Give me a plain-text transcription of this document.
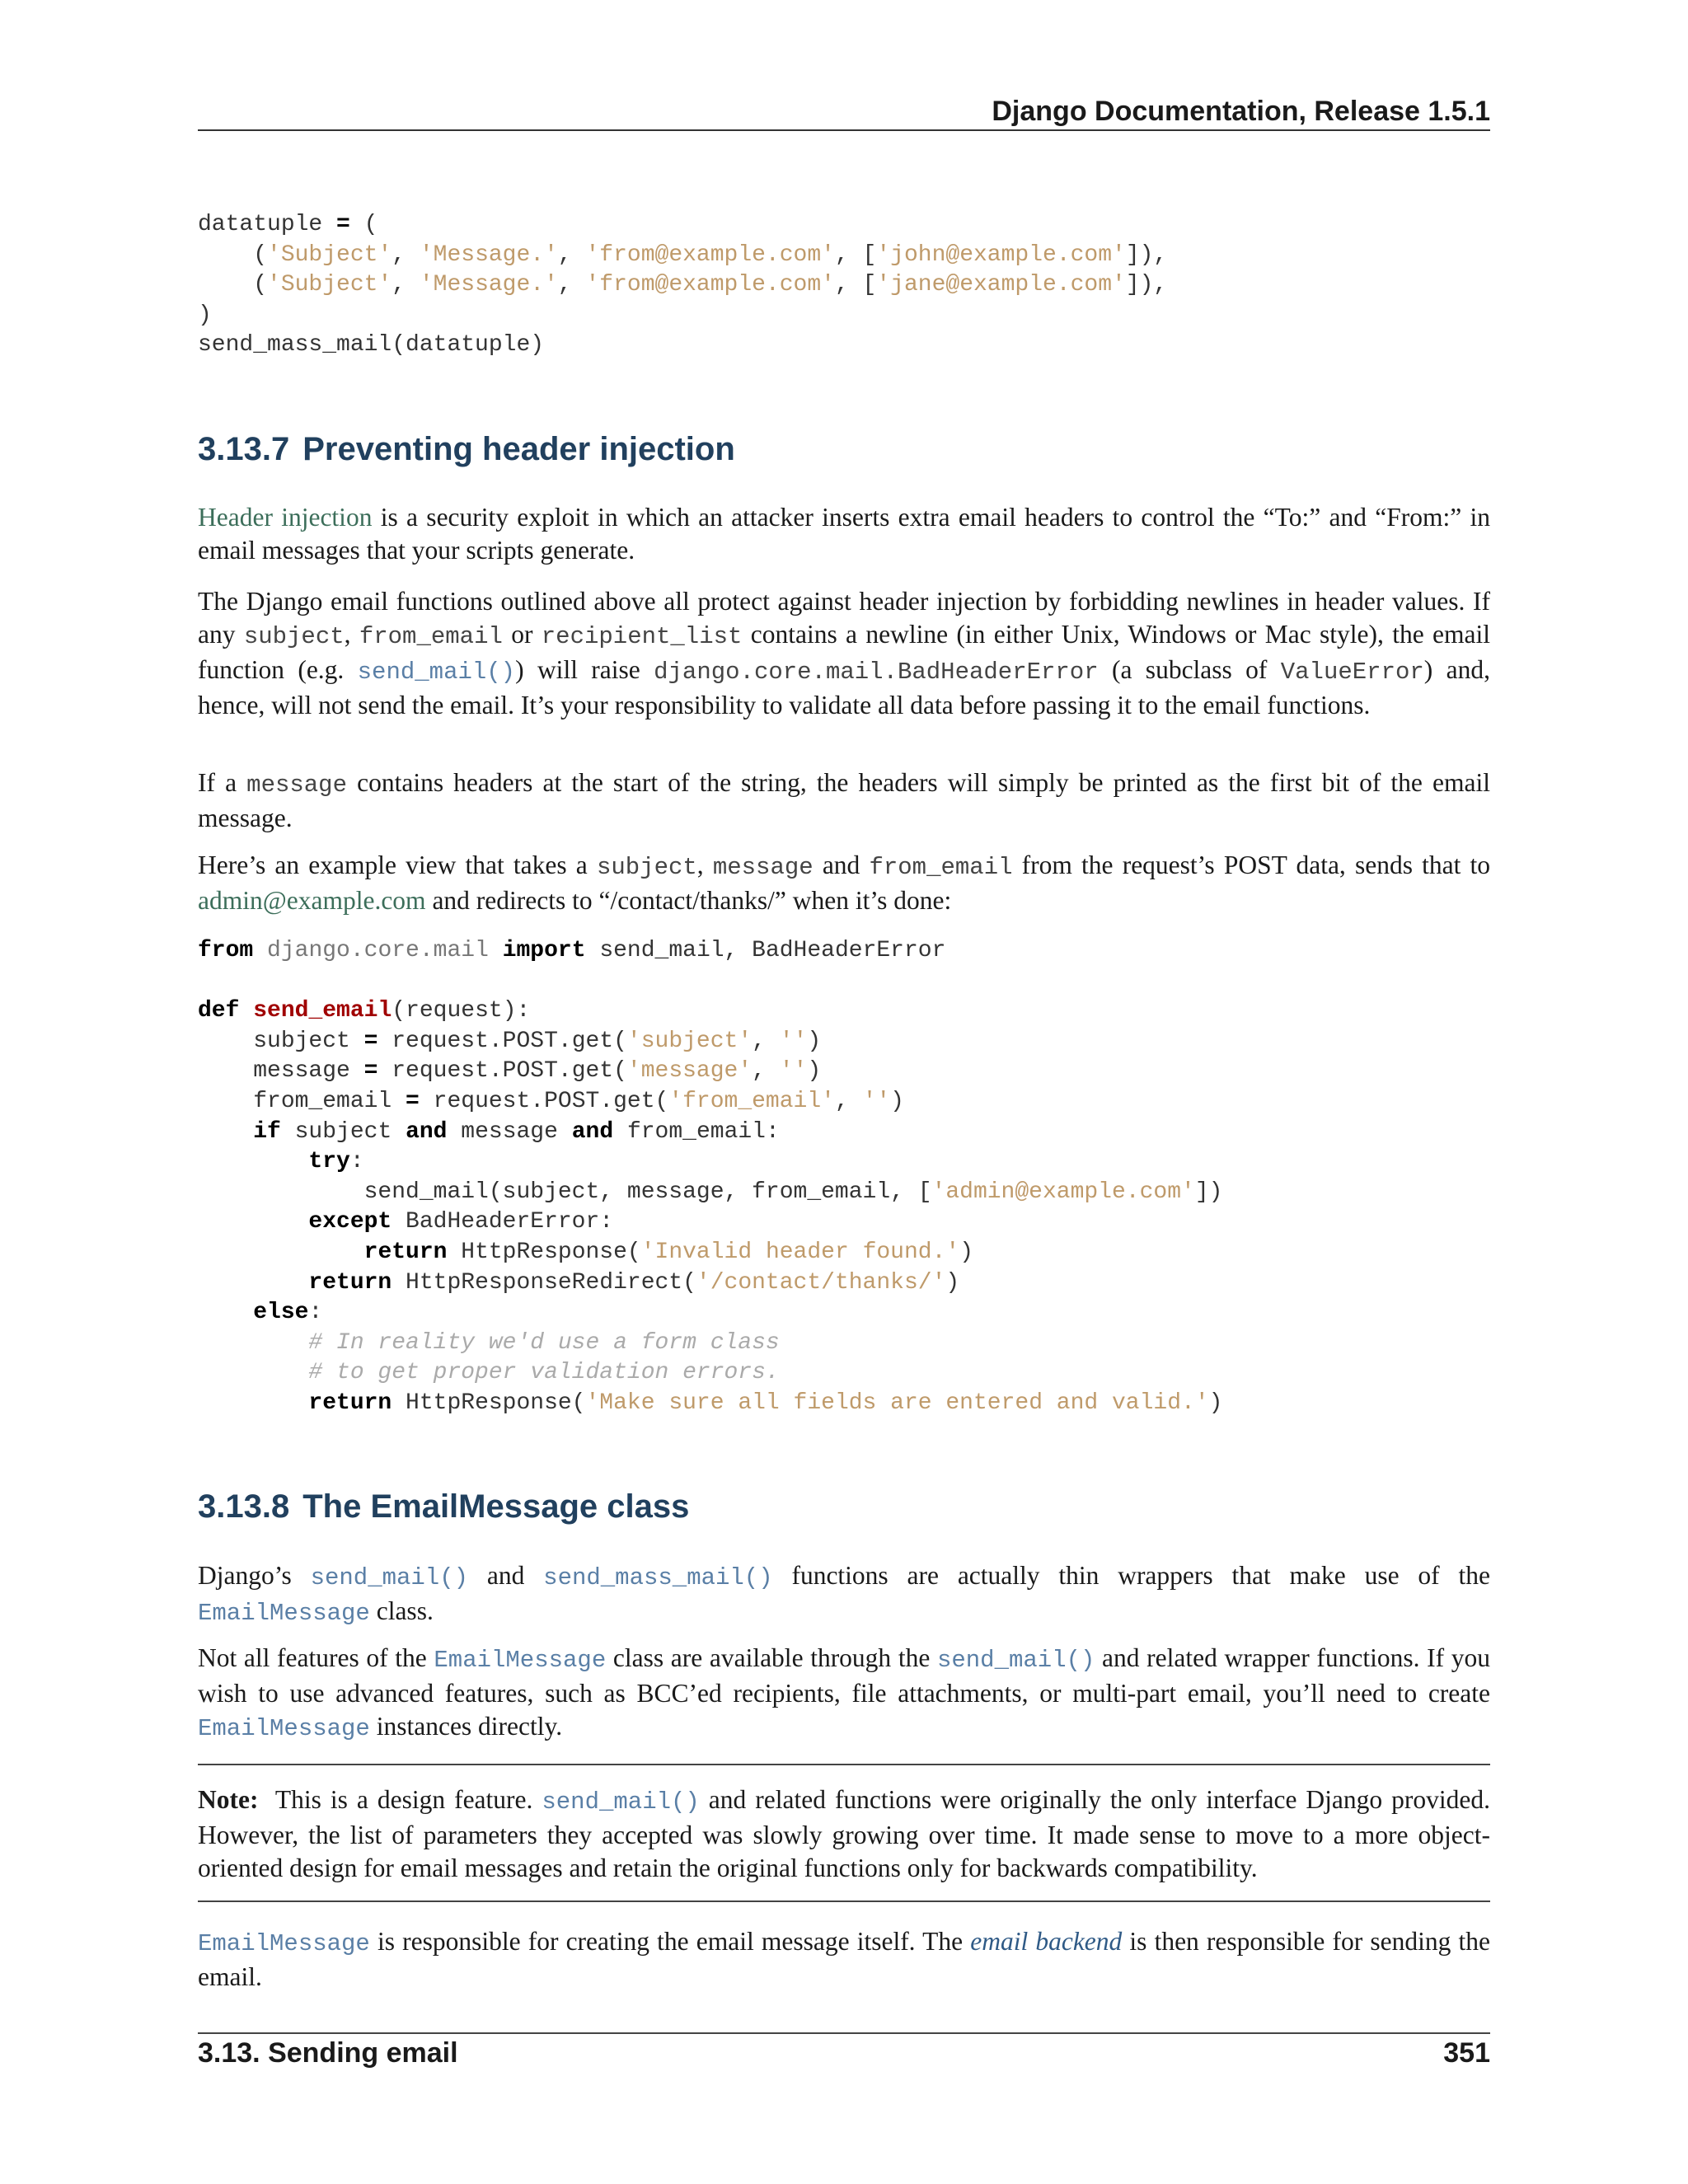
Django Documentation, Release 1.5.1
datatuple = (
('Subject', 'Message.', 'from@example.com', ['john@example.com']),
('Subject', 'Message.', 'from@example.com', ['jane@example.com']),
)
send_mass_mail(datatuple)
3.13.7 Preventing header injection

Header injection is a security exploit in which an attacker inserts extra email headers to control the “To:” and “From:” in email messages that your scripts generate.

The Django email functions outlined above all protect against header injection by forbidding newlines in header values. If any subject, from_email or recipient_list contains a newline (in either Unix, Windows or Mac style), the email function (e.g. send_mail()) will raise django.core.mail.BadHeaderError (a subclass of ValueError) and, hence, will not send the email. It’s your responsibility to validate all data before passing it to the email functions.

If a message contains headers at the start of the string, the headers will simply be printed as the first bit of the email message.

Here’s an example view that takes a subject, message and from_email from the request’s POST data, sends that to admin@example.com and redirects to “/contact/thanks/” when it’s done:

from django.core.mail import send_mail, BadHeaderError

def send_email(request):
subject = request.POST.get('subject', '')
message = request.POST.get('message', '')
from_email = request.POST.get('from_email', '')
if subject and message and from_email:
try:
send_mail(subject, message, from_email, ['admin@example.com'])
except BadHeaderError:
return HttpResponse('Invalid header found.')
return HttpResponseRedirect('/contact/thanks/')
else:
# In reality we'd use a form class
# to get proper validation errors.
return HttpResponse('Make sure all fields are entered and valid.')
3.13.8 The EmailMessage class

Django’s send_mail() and send_mass_mail() functions are actually thin wrappers that make use of the EmailMessage class.

Not all features of the EmailMessage class are available through the send_mail() and related wrapper functions. If you wish to use advanced features, such as BCC’ed recipients, file attachments, or multi-part email, you’ll need to create EmailMessage instances directly.

Note: This is a design feature. send_mail() and related functions were originally the only interface Django provided. However, the list of parameters they accepted was slowly growing over time. It made sense to move to a more object-oriented design for email messages and retain the original functions only for backwards compatibility.

EmailMessage is responsible for creating the email message itself. The email backend is then responsible for sending the email.

3.13. Sending email	351
